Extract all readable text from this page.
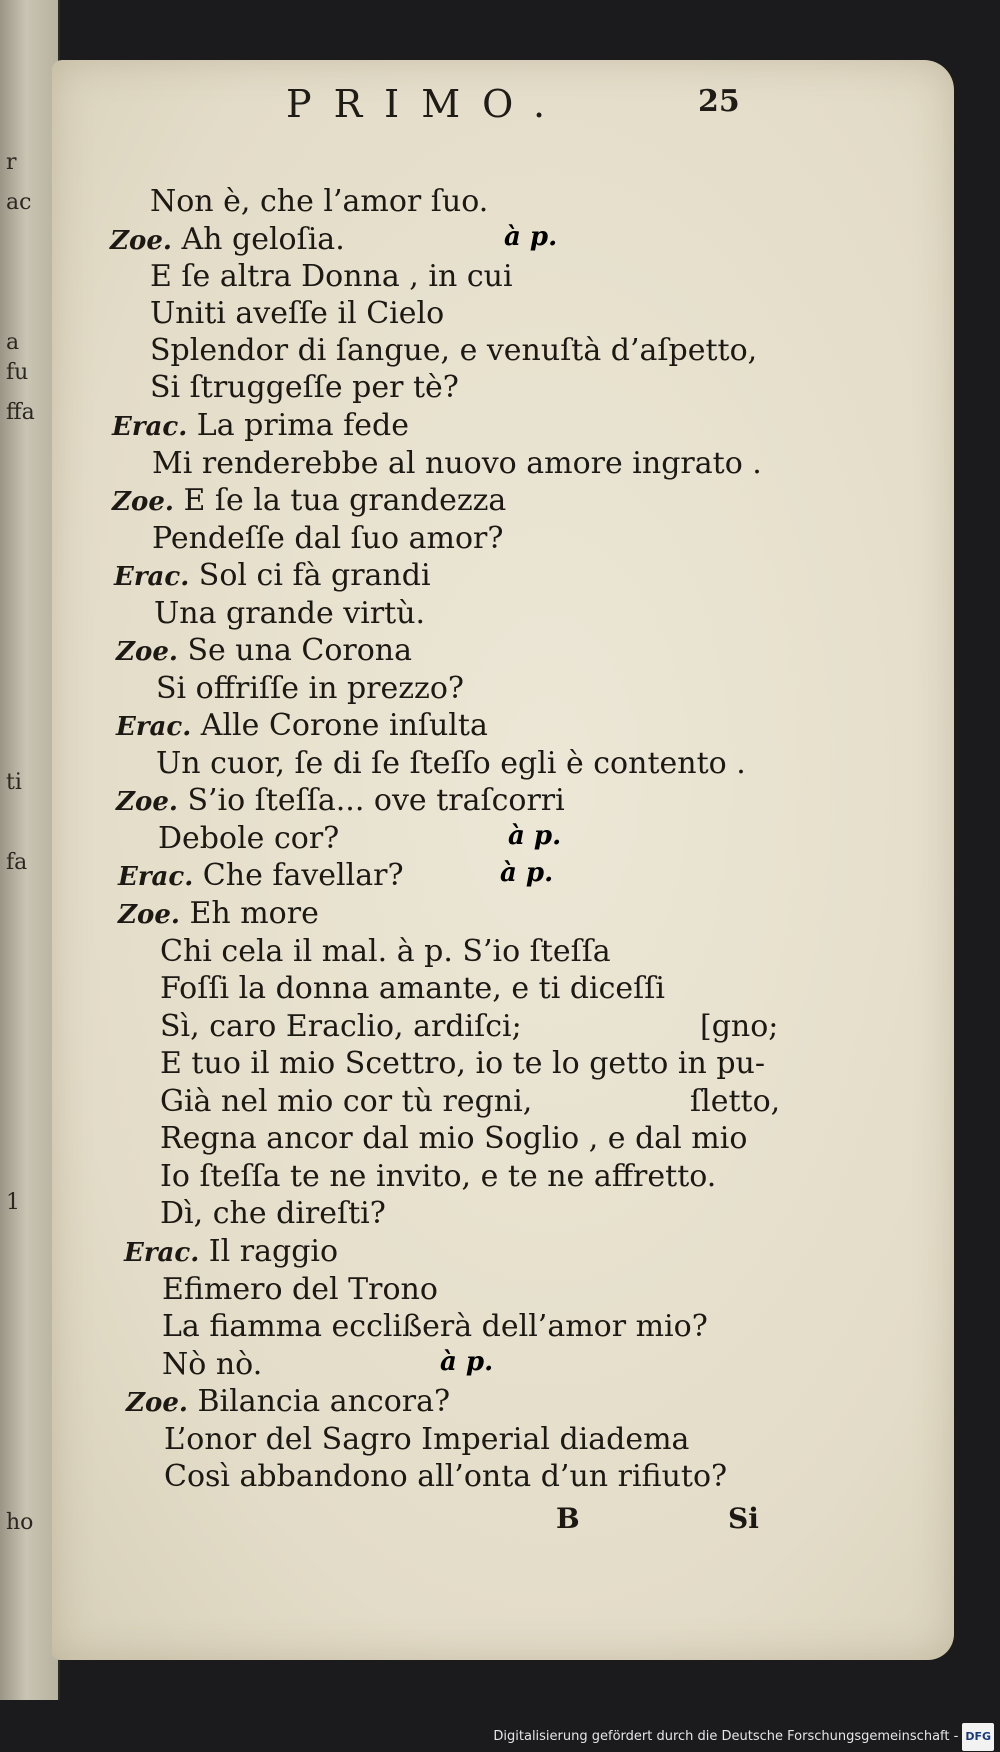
r
ac
a
fu
ffa
ti
fa
1
ho
PRIMO.	25
Non è, che l’amor ſuo.
Zoe. Ah geloſia.	à p.
E ſe altra Donna , in cui
Uniti aveſſe il Cielo
Splendor di ſangue, e venuſtà d’aſpetto,
Si ſtruggeſſe per tè?
Erac. La prima fede
Mi renderebbe al nuovo amore ingrato .
Zoe. E ſe la tua grandezza
Pendeſſe dal ſuo amor?
Erac. Sol ci fà grandi
Una grande virtù.
Zoe. Se una Corona
Si offriſſe in prezzo?
Erac. Alle Corone inſulta
Un cuor, ſe di ſe ſteſſo egli è contento .
Zoe. S’io ſteſſa... ove traſcorri
Debole cor?	à p.
Erac. Che favellar?	à p.
Zoe. Eh more
Chi cela il mal. à p. S’io ſteſſa
Foſſi la donna amante, e ti diceſſi
Sì, caro Eraclio, ardiſci;	[gno;
E tuo il mio Scettro, io te lo getto in pu-
Già nel mio cor tù regni,	ſletto,
Regna ancor dal mio Soglio , e dal mio
Io ſteſſa te ne invito, e te ne affretto.
Dì, che direſti?
Erac. Il raggio
Efimero del Trono
La fiamma ecclißerà dell’amor mio?
Nò nò.	à p.
Zoe. Bilancia ancora?
L’onor del Sagro Imperial diadema
Così abbandono all’onta d’un rifiuto?
B	Si
Digitalisierung gefördert durch die Deutsche Forschungsgemeinschaft - DFG
